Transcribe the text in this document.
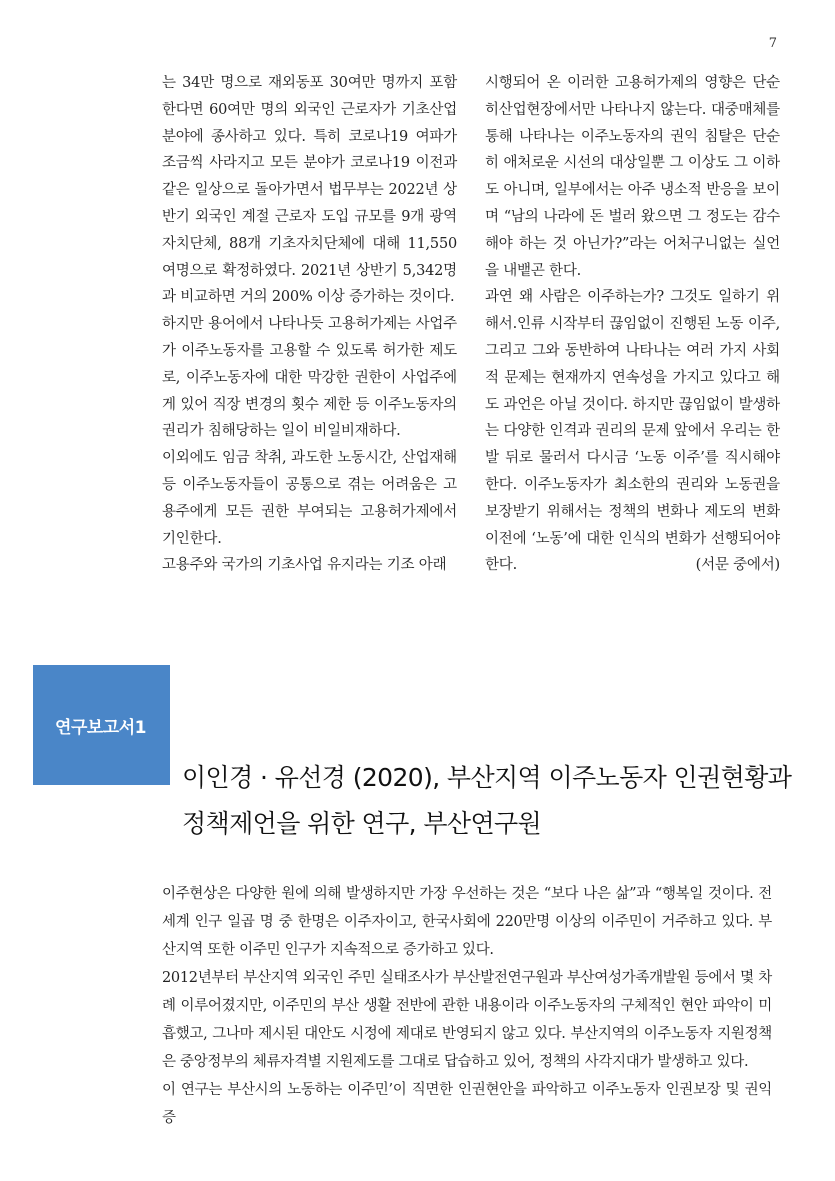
7

는 34만 명으로 재외동포 30여만 명까지 포함한다면 60여만 명의 외국인 근로자가 기초산업 분야에 종사하고 있다. 특히 코로나19 여파가 조금씩 사라지고 모든 분야가 코로나19 이전과 같은 일상으로 돌아가면서 법무부는 2022년 상반기 외국인 계절 근로자 도입 규모를 9개 광역자치단체, 88개 기초자치단체에 대해 11,550여명으로 확정하였다. 2021년 상반기 5,342명과 비교하면 거의 200% 이상 증가하는 것이다.

하지만 용어에서 나타나듯 고용허가제는 사업주가 이주노동자를 고용할 수 있도록 허가한 제도로, 이주노동자에 대한 막강한 권한이 사업주에게 있어 직장 변경의 횟수 제한 등 이주노동자의 권리가 침해당하는 일이 비일비재하다.

이외에도 임금 착취, 과도한 노동시간, 산업재해 등 이주노동자들이 공통으로 겪는 어려움은 고용주에게 모든 권한 부여되는 고용허가제에서 기인한다.

고용주와 국가의 기초사업 유지라는 기조 아래

시행되어 온 이러한 고용허가제의 영향은 단순히산업현장에서만 나타나지 않는다. 대중매체를 통해 나타나는 이주노동자의 권익 침탈은 단순히 애처로운 시선의 대상일뿐 그 이상도 그 이하도 아니며, 일부에서는 아주 냉소적 반응을 보이며 “남의 나라에 돈 벌러 왔으면 그 정도는 감수해야 하는 것 아닌가?”라는 어처구니없는 실언을 내뱉곤 한다.

과연 왜 사람은 이주하는가? 그것도 일하기 위해서.인류 시작부터 끊임없이 진행된 노동 이주, 그리고 그와 동반하여 나타나는 여러 가지 사회적 문제는 현재까지 연속성을 가지고 있다고 해도 과언은 아닐 것이다. 하지만 끊임없이 발생하는 다양한 인격과 권리의 문제 앞에서 우리는 한 발 뒤로 물러서 다시금 ‘노동 이주’를 직시해야 한다. 이주노동자가 최소한의 권리와 노동권을 보장받기 위해서는 정책의 변화나 제도의 변화 이전에 ‘노동’에 대한 인식의 변화가 선행되어야 한다.	(서문 중에서)

연구보고서1
이인경 · 유선경 (2020), 부산지역 이주노동자 인권현황과 정책제언을 위한 연구, 부산연구원

이주현상은 다양한 원에 의해 발생하지만 가장 우선하는 것은 “보다 나은 삶”과 “행복일 것이다. 전세계 인구 일곱 명 중 한명은 이주자이고, 한국사회에 220만명 이상의 이주민이 거주하고 있다. 부산지역 또한 이주민 인구가 지속적으로 증가하고 있다.

2012년부터 부산지역 외국인 주민 실태조사가 부산발전연구원과 부산여성가족개발원 등에서 몇 차례 이루어졌지만, 이주민의 부산 생활 전반에 관한 내용이라 이주노동자의 구체적인 현안 파악이 미흡했고, 그나마 제시된 대안도 시정에 제대로 반영되지 않고 있다. 부산지역의 이주노동자 지원정책은 중앙정부의 체류자격별 지원제도를 그대로 답습하고 있어, 정책의 사각지대가 발생하고 있다.

이 연구는 부산시의 노동하는 이주민’이 직면한 인권현안을 파악하고 이주노동자 인권보장 및 권익증
